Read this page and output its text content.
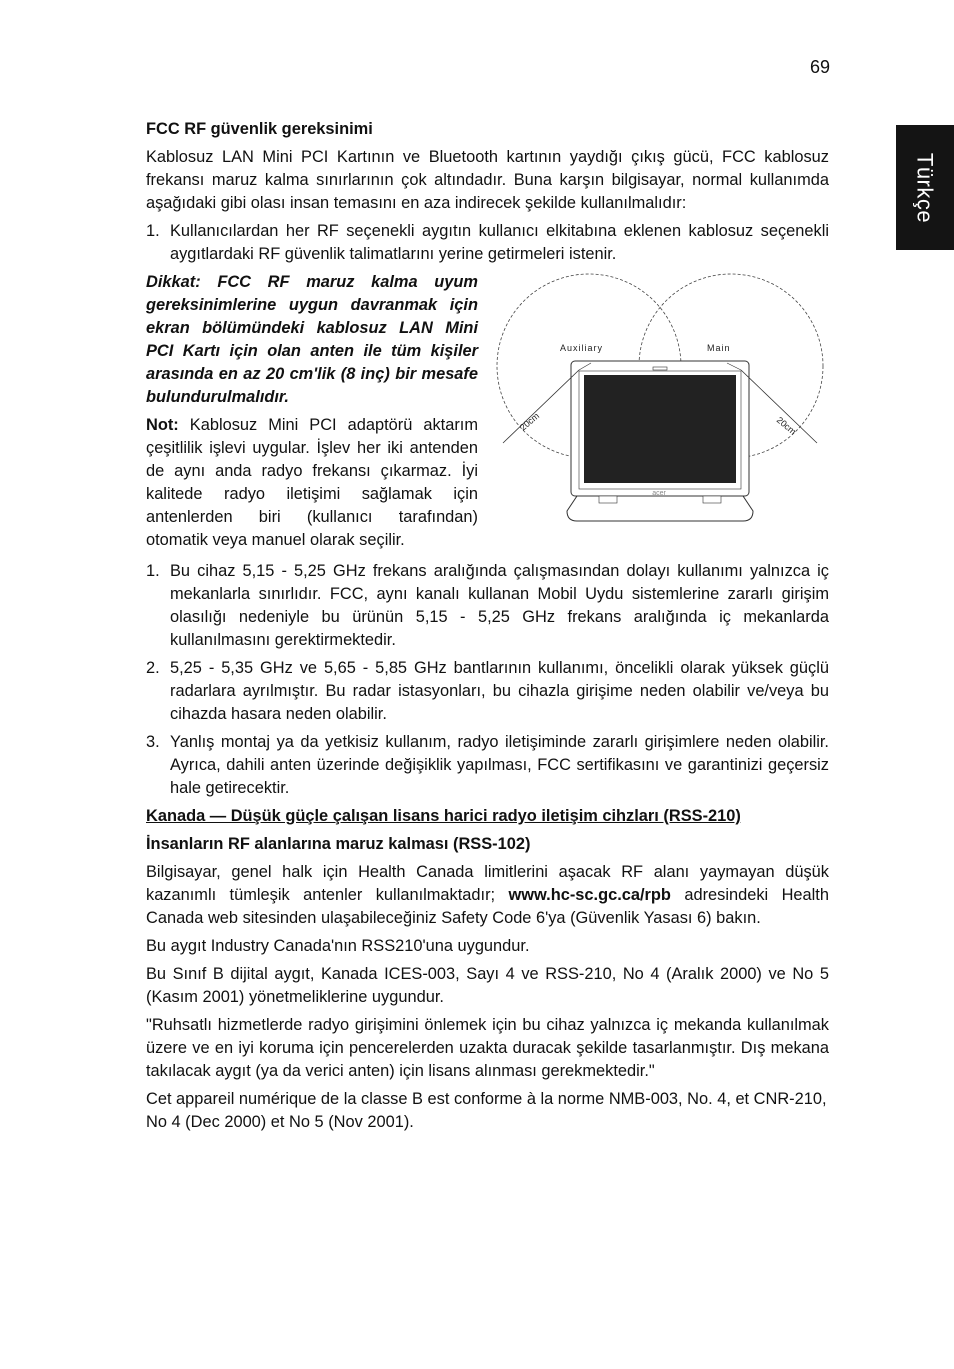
69
Türkçe
FCC RF güvenlik gereksinimi

Kablosuz LAN Mini PCI Kartının ve Bluetooth kartının yaydığı çıkış gücü, FCC kablosuz frekansı maruz kalma sınırlarının çok altındadır. Buna karşın bilgisayar, normal kullanımda aşağıdaki gibi olası insan temasını en aza indirecek şekilde kullanılmalıdır:

1. Kullanıcılardan her RF seçenekli aygıtın kullanıcı elkitabına eklenen kablosuz seçenekli aygıtlardaki RF güvenlik talimatlarını yerine getirmeleri istenir.

Dikkat: FCC RF maruz kalma uyum gereksinimlerine uygun davranmak için ekran bölümündeki kablosuz LAN Mini PCI Kartı için olan anten ile tüm kişiler arasında en az 20 cm'lik (8 inç) bir mesafe bulundurulmalıdır.

Not: Kablosuz Mini PCI adaptörü aktarım çeşitlilik işlevi uygular. İşlev her iki antenden de aynı anda radyo frekansı çıkarmaz. İyi kalitede radyo iletişimi sağlamak için antenlerden biri (kullanıcı tarafından) otomatik veya manuel olarak seçilir.

acer
Auxiliary	Main
20cm	20cm
1. Bu cihaz 5,15 - 5,25 GHz frekans aralığında çalışmasından dolayı kullanımı yalnızca iç mekanlarla sınırlıdır. FCC, aynı kanalı kullanan Mobil Uydu sistemlerine zararlı girişim olasılığı nedeniyle bu ürünün 5,15 - 5,25 GHz frekans aralığında iç mekanlarda kullanılmasını gerektirmektedir.
2. 5,25 - 5,35 GHz ve 5,65 - 5,85 GHz bantlarının kullanımı, öncelikli olarak yüksek güçlü radarlara ayrılmıştır. Bu radar istasyonları, bu cihazla girişime neden olabilir ve/veya bu cihazda hasara neden olabilir.
3. Yanlış montaj ya da yetkisiz kullanım, radyo iletişiminde zararlı girişimlere neden olabilir. Ayrıca, dahili anten üzerinde değişiklik yapılması, FCC sertifikasını ve garantinizi geçersiz hale getirecektir.
Kanada — Düşük güçle çalışan lisans harici radyo iletişim cihzları (RSS-210)
İnsanların RF alanlarına maruz kalması (RSS-102)

Bilgisayar, genel halk için Health Canada limitlerini aşacak RF alanı yaymayan düşük kazanımlı tümleşik antenler kullanılmaktadır; www.hc-sc.gc.ca/rpb adresindeki Health Canada web sitesinden ulaşabileceğiniz Safety Code 6'ya (Güvenlik Yasası 6) bakın.

Bu aygıt Industry Canada'nın RSS210'una uygundur.

Bu Sınıf B dijital aygıt, Kanada ICES-003, Sayı 4 ve RSS-210, No 4 (Aralık 2000) ve No 5 (Kasım 2001) yönetmeliklerine uygundur.

"Ruhsatlı hizmetlerde radyo girişimini önlemek için bu cihaz yalnızca iç mekanda kullanılmak üzere ve en iyi koruma için pencerelerden uzakta duracak şekilde tasarlanmıştır. Dış mekana takılacak aygıt (ya da verici anten) için lisans alınması gerekmektedir."

Cet appareil numérique de la classe B est conforme à la norme NMB-003, No. 4, et CNR-210, No 4 (Dec 2000) et No 5 (Nov 2001).
